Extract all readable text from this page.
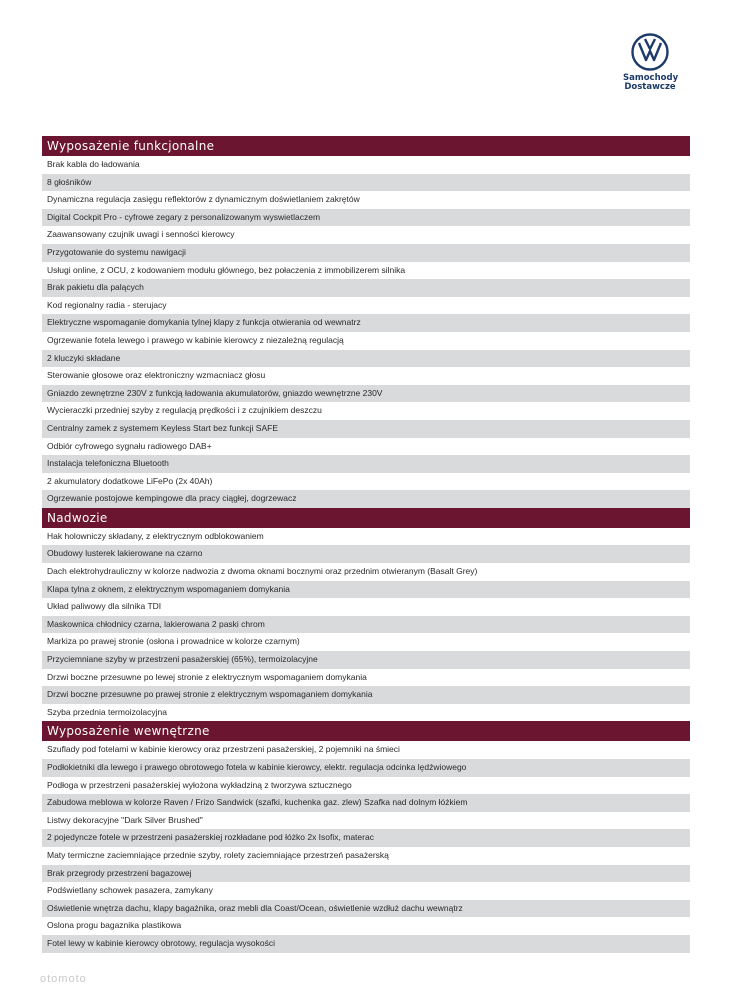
Samochody
Dostawcze
Wyposażenie funkcjonalne
Brak kabla do ładowania
8 głośników
Dynamiczna regulacja zasięgu reflektorów z dynamicznym doświetlaniem zakrętów
Digital Cockpit Pro - cyfrowe zegary z personalizowanym wyswietlaczem
Zaawansowany czujnik uwagi i senności kierowcy
Przygotowanie do systemu nawigacji
Usługi online, z OCU, z kodowaniem modułu głównego, bez połaczenia z immobilizerem silnika
Brak pakietu dla palących
Kod regionalny radia - sterujacy
Elektryczne wspomaganie domykania tylnej klapy z funkcja otwierania od wewnatrz
Ogrzewanie fotela lewego i prawego w kabinie kierowcy z niezależną regulacją
2 kluczyki składane
Sterowanie głosowe oraz elektroniczny wzmacniacz głosu
Gniazdo zewnętrzne 230V z funkcją ładowania akumulatorów, gniazdo wewnętrzne 230V
Wycieraczki przedniej szyby z regulacją prędkości i z czujnikiem deszczu
Centralny zamek z systemem Keyless Start bez funkcji SAFE
Odbiór cyfrowego sygnału radiowego DAB+
Instalacja telefoniczna Bluetooth
2 akumulatory dodatkowe LiFePo (2x 40Ah)
Ogrzewanie postojowe kempingowe dla pracy ciągłej, dogrzewacz
Nadwozie
Hak holowniczy składany, z elektrycznym odblokowaniem
Obudowy lusterek lakierowane na czarno
Dach elektrohydrauliczny w kolorze nadwozia z dwoma oknami bocznymi oraz przednim otwieranym (Basalt Grey)
Klapa tylna z oknem, z elektrycznym wspomaganiem domykania
Układ paliwowy dla silnika TDI
Maskownica chłodnicy czarna, lakierowana 2 paski chrom
Markiza po prawej stronie (osłona i prowadnice w kolorze czarnym)
Przyciemniane szyby w przestrzeni pasażerskiej (65%), termoizolacyjne
Drzwi boczne przesuwne po lewej stronie z elektrycznym wspomaganiem domykania
Drzwi boczne przesuwne po prawej stronie z elektrycznym wspomaganiem domykania
Szyba przednia termoizolacyjna
Wyposażenie wewnętrzne
Szuflady pod fotelami w kabinie kierowcy oraz przestrzeni pasażerskiej, 2 pojemniki na śmieci
Podłokietniki dla lewego i prawego obrotowego fotela w kabinie kierowcy, elektr. regulacja odcinka lędźwiowego
Podłoga w przestrzeni pasażerskiej wyłożona wykładziną z tworzywa sztucznego
Zabudowa meblowa w kolorze Raven / Frizo Sandwick (szafki, kuchenka gaz. zlew) Szafka nad dolnym łóżkiem
Listwy dekoracyjne "Dark Silver Brushed"
2 pojedyncze fotele w przestrzeni pasażerskiej rozkładane pod łóżko 2x Isofix, materac
Maty termiczne zaciemniające przednie szyby, rolety zaciemniające przestrzeń pasażerską
Brak przegrody przestrzeni bagazowej
Podświetlany schowek pasazera, zamykany
Oświetlenie wnętrza dachu, klapy bagażnika, oraz mebli dla Coast/Ocean, oświetlenie wzdłuż dachu wewnątrz
Oslona progu bagaznika plastikowa
Fotel lewy w kabinie kierowcy obrotowy, regulacja wysokości
otomoto
